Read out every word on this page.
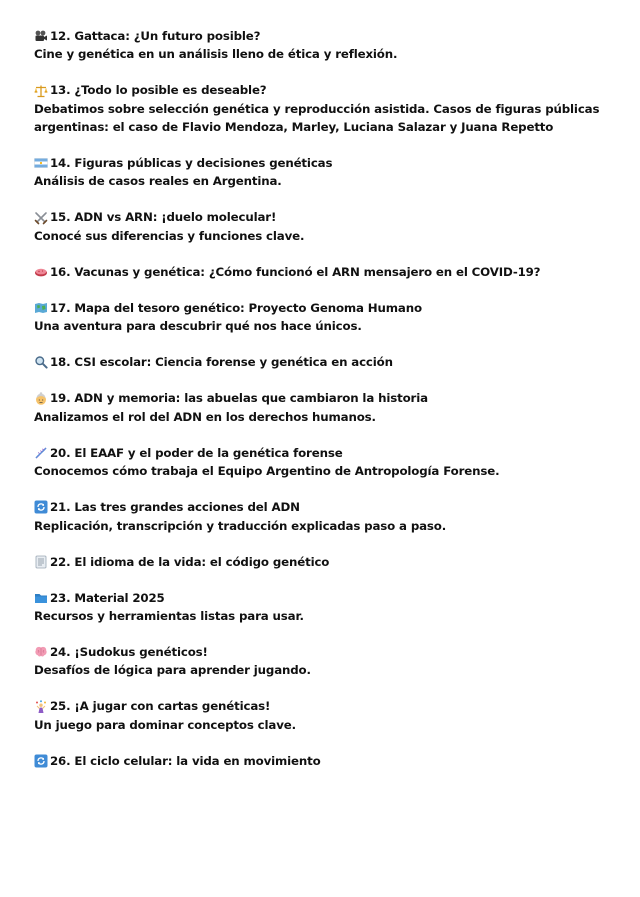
12. Gattaca: ¿Un futuro posible?
Cine y genética en un análisis lleno de ética y reflexión.
13. ¿Todo lo posible es deseable?
Debatimos sobre selección genética y reproducción asistida. Casos de figuras públicas argentinas: el caso de Flavio Mendoza, Marley, Luciana Salazar y Juana Repetto
14. Figuras públicas y decisiones genéticas
Análisis de casos reales en Argentina.
15. ADN vs ARN: ¡duelo molecular!
Conocé sus diferencias y funciones clave.
16. Vacunas y genética: ¿Cómo funcionó el ARN mensajero en el COVID-19?
17. Mapa del tesoro genético: Proyecto Genoma Humano
Una aventura para descubrir qué nos hace únicos.
18. CSI escolar: Ciencia forense y genética en acción
19. ADN y memoria: las abuelas que cambiaron la historia
Analizamos el rol del ADN en los derechos humanos.
20. El EAAF y el poder de la genética forense
Conocemos cómo trabaja el Equipo Argentino de Antropología Forense.
21. Las tres grandes acciones del ADN
Replicación, transcripción y traducción explicadas paso a paso.
22. El idioma de la vida: el código genético
23. Material 2025
Recursos y herramientas listas para usar.
24. ¡Sudokus genéticos!
Desafíos de lógica para aprender jugando.
25. ¡A jugar con cartas genéticas!
Un juego para dominar conceptos clave.
26. El ciclo celular: la vida en movimiento
